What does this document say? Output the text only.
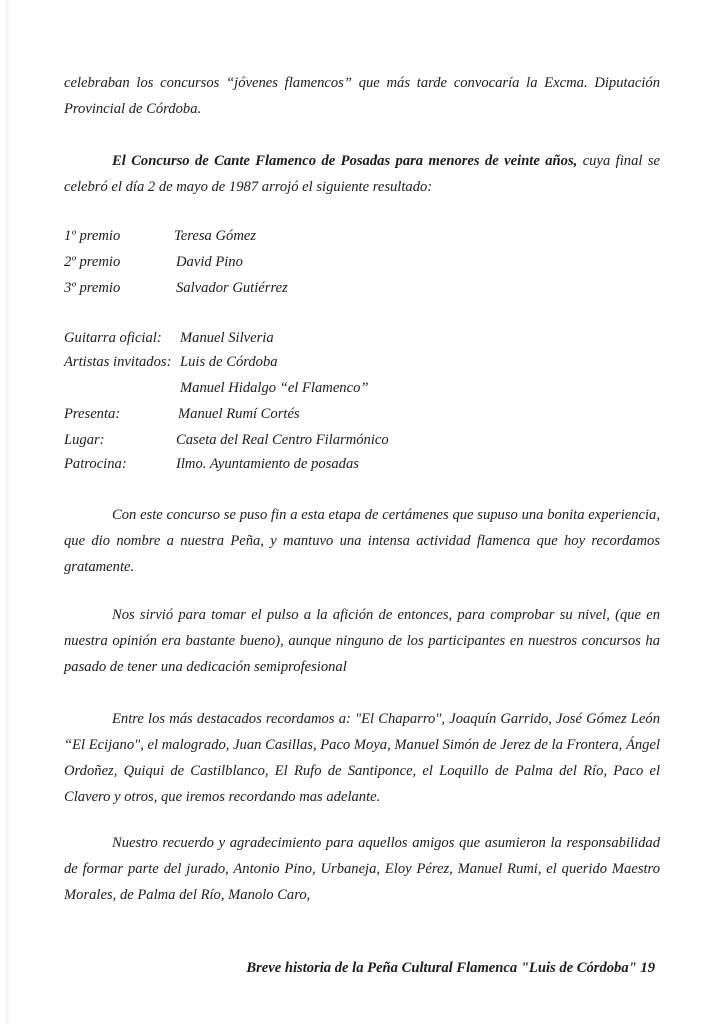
celebraban los concursos “jóvenes flamencos” que más tarde convocaría la Excma. Diputación Provincial de Córdoba.

El Concurso de Cante Flamenco de Posadas para menores de veinte años, cuya final se celebró el día 2 de mayo de 1987 arrojó el siguiente resultado:

1º premio	Teresa Gómez
2º premio	David Pino
3º premio	Salvador Gutiérrez
Guitarra oficial: Manuel Silveria
Artistas invitados: Luis de Córdoba
Manuel Hidalgo “el Flamenco”
Presenta:	Manuel Rumí Cortés
Lugar:	Caseta del Real Centro Filarmónico
Patrocina:	Ilmo. Ayuntamiento de posadas

Con este concurso se puso fin a esta etapa de certámenes que supuso una bonita experiencia, que dio nombre a nuestra Peña, y mantuvo una intensa actividad flamenca que hoy recordamos gratamente.

Nos sirvió para tomar el pulso a la afición de entonces, para comprobar su nivel, (que en nuestra opinión era bastante bueno), aunque ninguno de los participantes en nuestros concursos ha pasado de tener una dedicación semiprofesional

Entre los más destacados recordamos a: "El Chaparro", Joaquín Garrido, José Gómez León “El Ecijano", el malogrado, Juan Casillas, Paco Moya, Manuel Simón de Jerez de la Frontera, Ángel Ordoñez, Quiqui de Castilblanco, El Rufo de Santiponce, el Loquillo de Palma del Río, Paco el Clavero y otros, que iremos recordando mas adelante.

Nuestro recuerdo y agradecimiento para aquellos amigos que asumieron la responsabilidad de formar parte del jurado, Antonio Pino, Urbaneja, Eloy Pérez, Manuel Rumi, el querido Maestro Morales, de Palma del Río, Manolo Caro,

Breve historia de la Peña Cultural Flamenca "Luis de Córdoba" 19
